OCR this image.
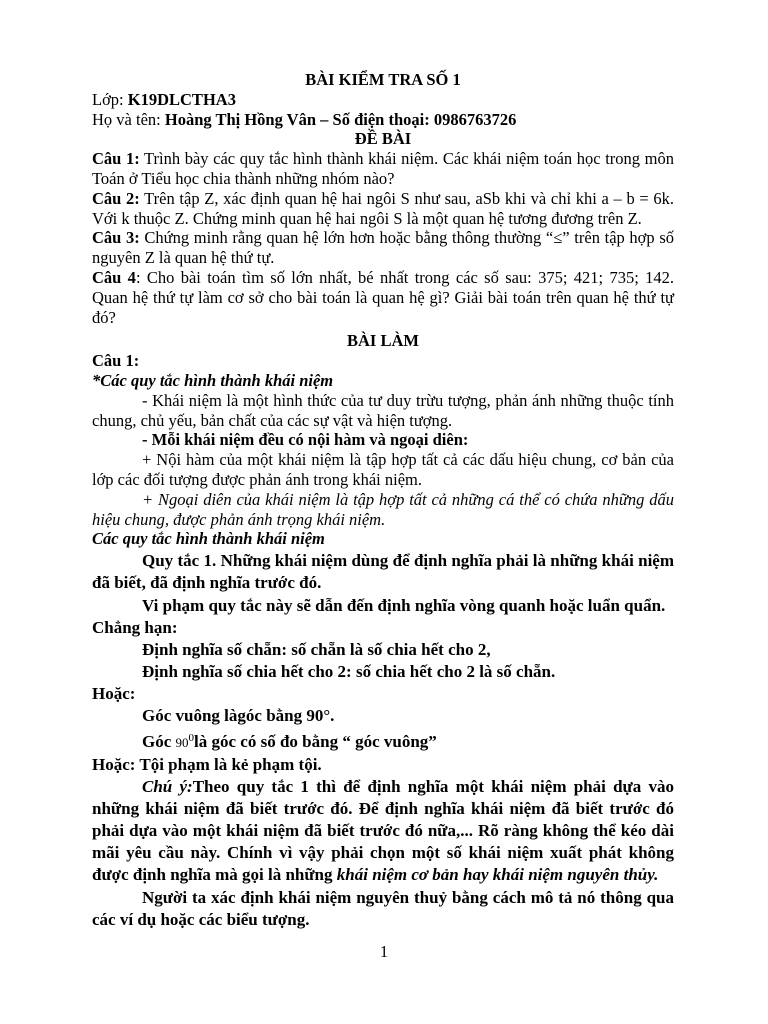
BÀI KIỂM TRA SỐ 1

Lớp: K19DLCTHA3

Họ và tên: Hoàng Thị Hồng Vân – Số điện thoại: 0986763726

ĐỀ BÀI

Câu 1: Trình bày các quy tắc hình thành khái niệm. Các khái niệm toán học trong môn Toán ở Tiểu học chia thành những nhóm nào?

Câu 2: Trên tập Z, xác định quan hệ hai ngôi S như sau, aSb khi và chỉ khi a – b = 6k. Với k thuộc Z. Chứng minh quan hệ hai ngôi S là một quan hệ tương đương trên Z.

Câu 3: Chứng minh rằng quan hệ lớn hơn hoặc bằng thông thường “≤” trên tập hợp số nguyên Z là quan hệ thứ tự.

Câu 4: Cho bài toán tìm số lớn nhất, bé nhất trong các số sau: 375; 421; 735; 142. Quan hệ thứ tự làm cơ sở cho bài toán là quan hệ gì? Giải bài toán trên quan hệ thứ tự đó?

BÀI LÀM

Câu 1:

*Các quy tắc hình thành khái niệm

- Khái niệm là một hình thức của tư duy trừu tượng, phản ánh những thuộc tính chung, chủ yếu, bản chất của các sự vật và hiện tượng.

- Mỗi khái niệm đều có nội hàm và ngoại diên:

+ Nội hàm của một khái niệm là tập hợp tất cả các dấu hiệu chung, cơ bản của lớp các đối tượng được phản ánh trong khái niệm.

+ Ngoại diên của khái niệm là tập hợp tất cả những cá thể có chứa những dấu hiệu chung, được phản ánh trọng khái niệm.

Các quy tắc hình thành khái niệm

Quy tắc 1. Những khái niệm dùng để định nghĩa phải là những khái niệm đã biết, đã định nghĩa trước đó.

Vi phạm quy tắc này sẽ dẫn đến định nghĩa vòng quanh hoặc luẩn quẩn.

Chẳng hạn:

Định nghĩa số chẵn: số chẵn là số chia hết cho 2,

Định nghĩa số chia hết cho 2: số chia hết cho 2 là số chẵn.

Hoặc:

Góc vuông làgóc bằng 90°.

Góc $90^0là$ góc có số đo bằng “ góc vuông”

Hoặc: Tội phạm là kẻ phạm tội.

Chú ý:Theo quy tắc 1 thì để định nghĩa một khái niệm phải dựa vào những khái niệm đã biết trước đó. Để định nghĩa khái niệm đã biết trước đó phải dựa vào một khái niệm đã biết trước đó nữa,... Rõ ràng không thể kéo dài mãi yêu cầu này. Chính vì vậy phải chọn một số khái niệm xuất phát không được định nghĩa mà gọi là những khái niệm cơ bản hay khái niệm nguyên thủy.

Người ta xác định khái niệm nguyên thuỷ bằng cách mô tả nó thông qua các ví dụ hoặc các biểu tượng.

1
